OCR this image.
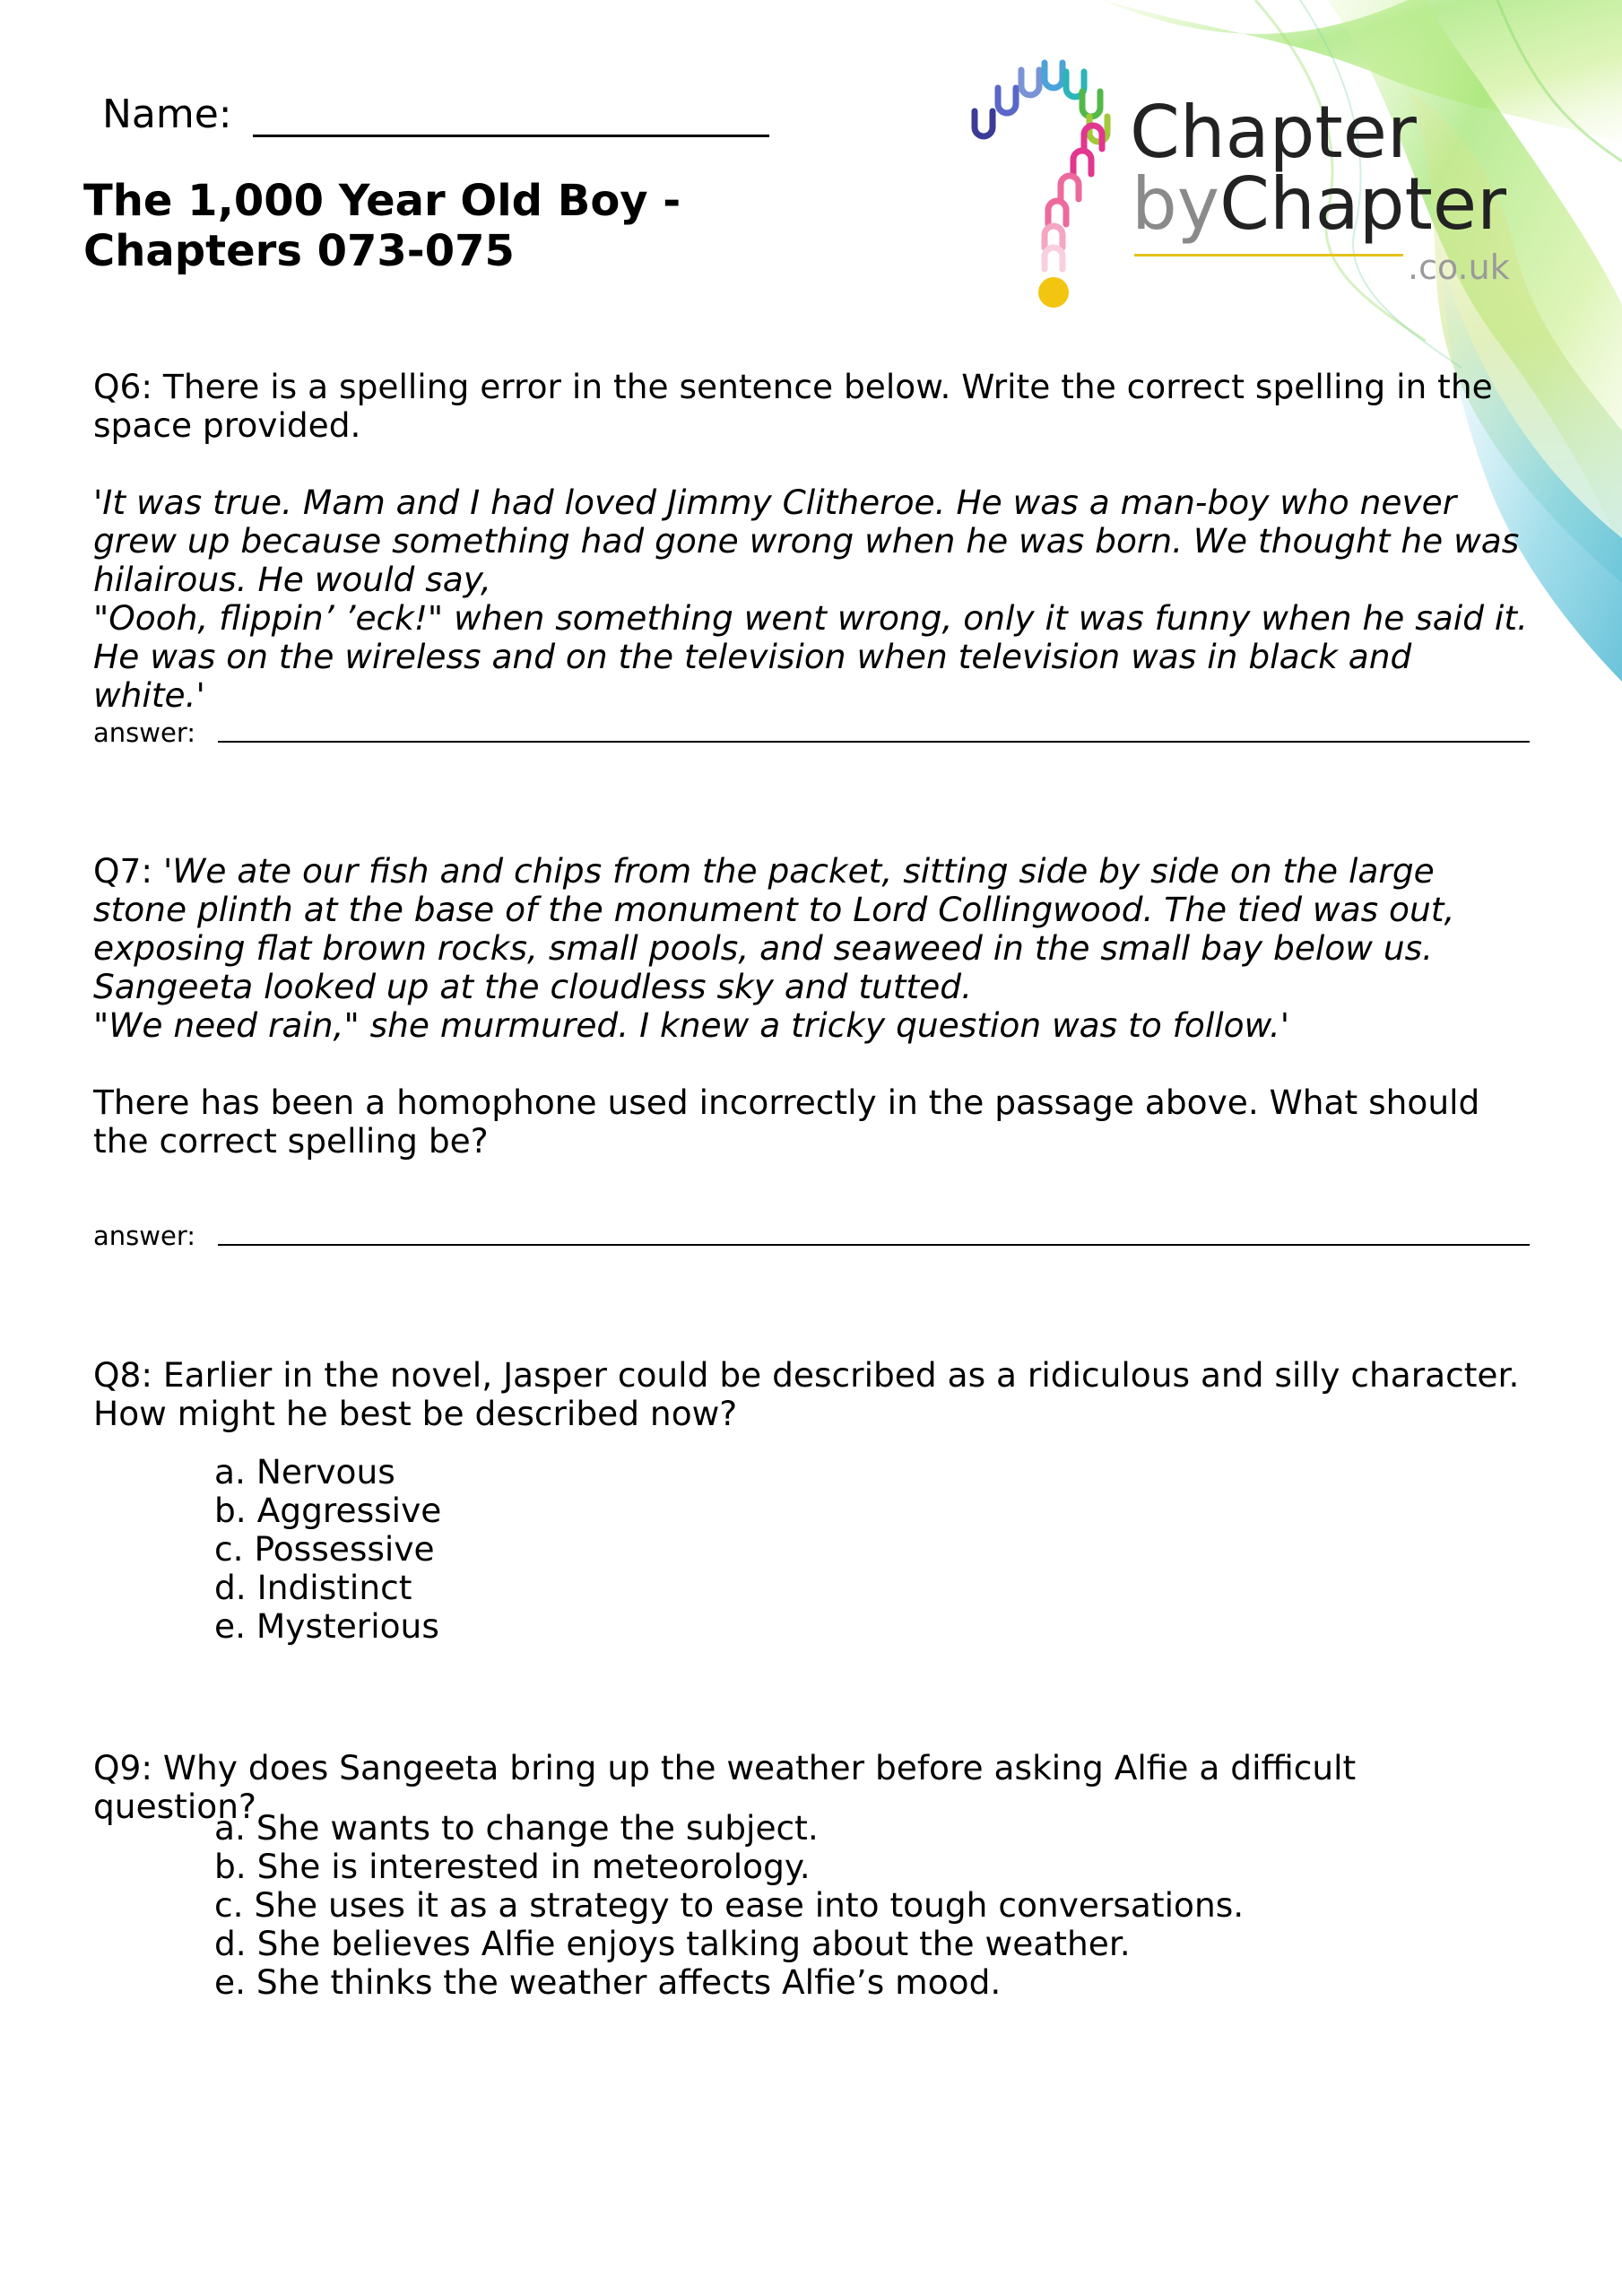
Name:
The 1,000 Year Old Boy -
Chapters 073-075
Chapter
byChapter
.co.uk

Q6: There is a spelling error in the sentence below. Write the correct spelling in the space provided.

'It was true. Mam and I had loved Jimmy Clitheroe. He was a man-boy who never grew up because something had gone wrong when he was born. We thought he was hilairous. He would say,
"Oooh, flippin’ ’eck!" when something went wrong, only it was funny when he said it. He was on the wireless and on the television when television was in black and white.'

answer:

Q7: 'We ate our fish and chips from the packet, sitting side by side on the large stone plinth at the base of the monument to Lord Collingwood. The tied was out, exposing flat brown rocks, small pools, and seaweed in the small bay below us. Sangeeta looked up at the cloudless sky and tutted.
"We need rain," she murmured. I knew a tricky question was to follow.'

There has been a homophone used incorrectly in the passage above. What should the correct spelling be?

answer:

Q8: Earlier in the novel, Jasper could be described as a ridiculous and silly character. How might he best be described now?

a. Nervous
b. Aggressive
c. Possessive
d. Indistinct
e. Mysterious

Q9: Why does Sangeeta bring up the weather before asking Alfie a difficult question?

a. She wants to change the subject.
b. She is interested in meteorology.
c. She uses it as a strategy to ease into tough conversations.
d. She believes Alfie enjoys talking about the weather.
e. She thinks the weather affects Alfie’s mood.
